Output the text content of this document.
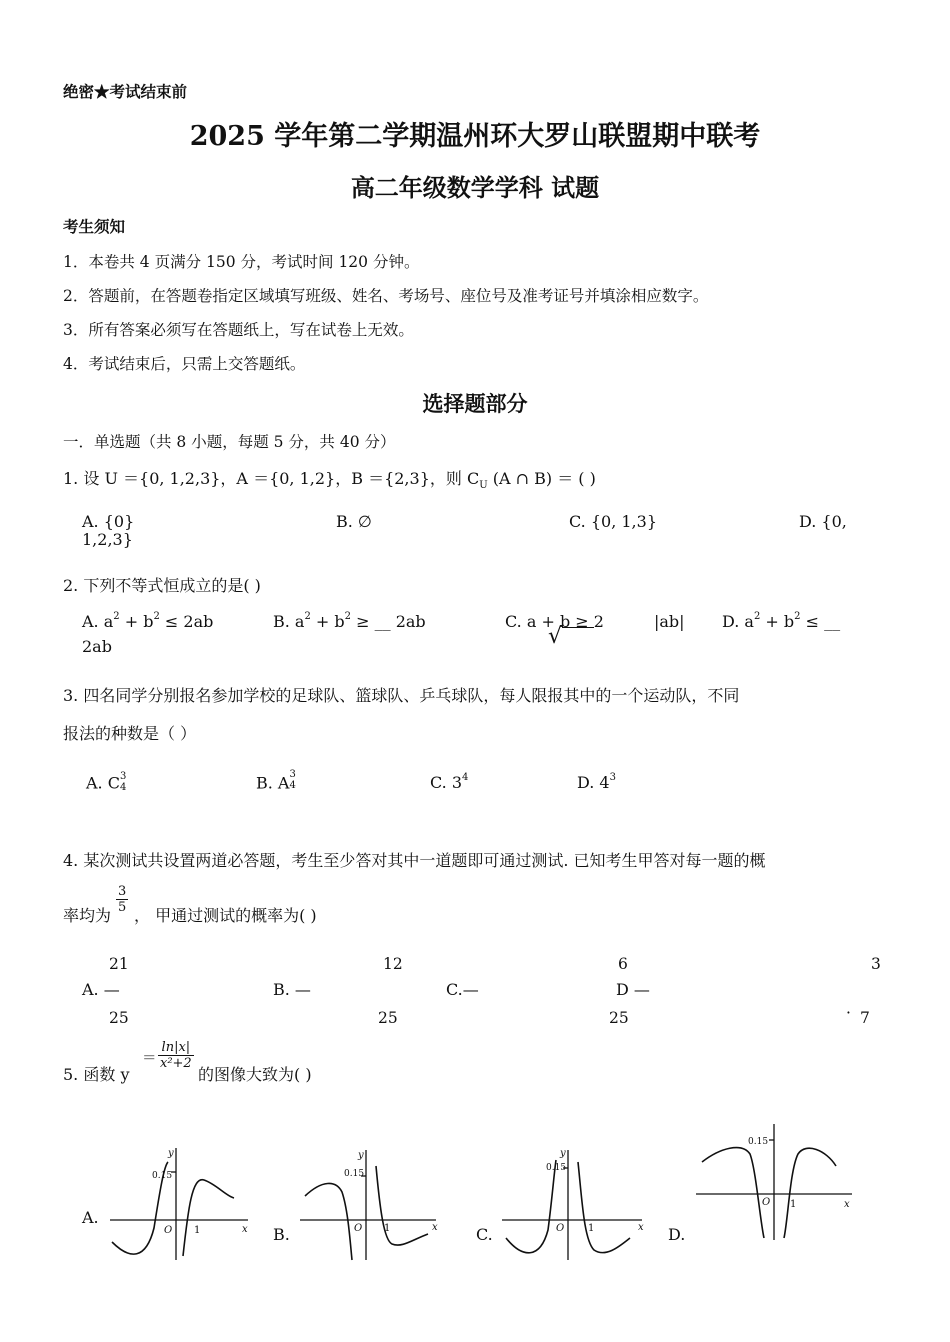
绝密★考试结束前
2025 学年第二学期温州环大罗山联盟期中联考
高二年级数学学科 试题
考生须知
1．本卷共 4 页满分 150 分，考试时间 120 分钟。
2．答题前，在答题卷指定区域填写班级、姓名、考场号、座位号及准考证号并填涂相应数字。
3．所有答案必须写在答题纸上，写在试卷上无效。
4．考试结束后，只需上交答题纸。
选择题部分
一．单选题（共 8 小题，每题 5 分，共 40 分）
1. 设 U ＝{0, 1,2,3}，A ＝{0, 1,2}，B ＝{2,3}，则 $C_U$ (A ∩ B) ＝ ( )
A. {0}	B. ∅	C. {0, 1,3}	D. {0,
1,2,3}
2. 下列不等式恒成立的是( )
A. $a^2 + b^2 \le 2ab$	B. $a^2 + b^2$ ≥ __ 2ab	C. a + b ≥ 2
√
|ab| D. $a^2 + b^2$ ≤ __
2ab
3. 四名同学分别报名参加学校的足球队、篮球队、乒乓球队，每人限报其中的一个运动队，不同
报法的种数是（ ）
A. C 3
4	B. A 3
4	C. $3^4$	D. $4^3$
4. 某次测试共设置两道必答题，考生至少答对其中一道题即可通过测试. 已知考生甲答对每一题的概
率均为
$\frac{3}{5}$
， 甲通过测试的概率为( )
21
A. —
25
12
B. —
25
6
C.—
25
3
D —
· 7
5. 函数 y
＝ $\frac{\ln|x|}{\text{x²+2}}$
的图像大致为( )
A.
B.	C.	D.
y
x
O 1
0.15
y
x
O 1
0.15
y
x
O 1
0.15
O 1	x
0.15
